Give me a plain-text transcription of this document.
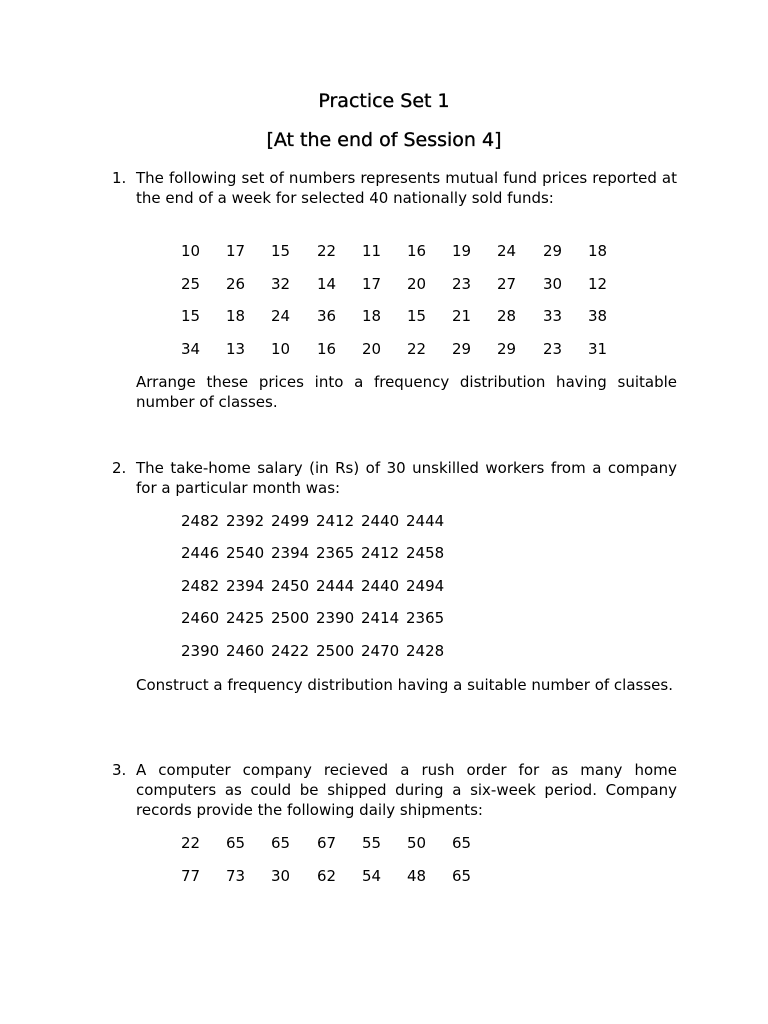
Practice Set 1
[At the end of Session 4]
1. The following set of numbers represents mutual fund prices reported at the end of a week for selected 40 nationally sold funds:

10 17 15 22 11 16 19 24 29 18
25 26 32 14 17 20 23 27 30 12
15 18 24 36 18 15 21 28 33 38
34 13 10 16 20 22 29 29 23 31

Arrange these prices into a frequency distribution having suitable number of classes.

2. The take-home salary (in Rs) of 30 unskilled workers from a company for a particular month was:

2482 2392 2499 2412 2440 2444
2446 2540 2394 2365 2412 2458
2482 2394 2450 2444 2440 2494
2460 2425 2500 2390 2414 2365
2390 2460 2422 2500 2470 2428

Construct a frequency distribution having a suitable number of classes.

3. A computer company recieved a rush order for as many home computers as could be shipped during a six-week period. Company records provide the following daily shipments:

22 65 65 67 55 50 65
77 73 30 62 54 48 65
